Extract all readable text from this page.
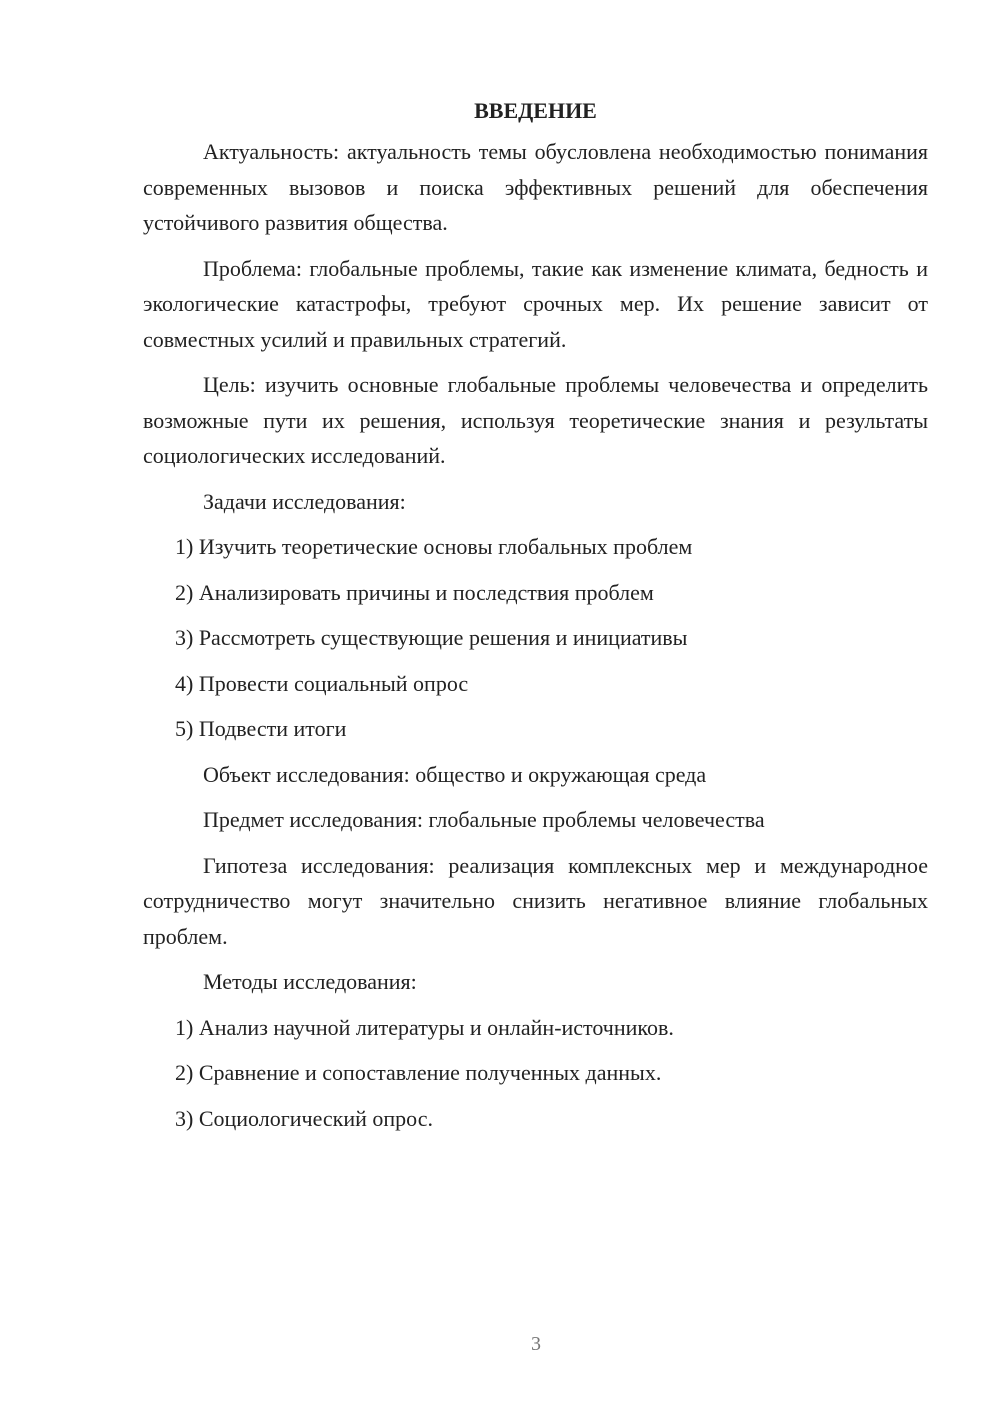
ВВЕДЕНИЕ

Актуальность: актуальность темы обусловлена необходимостью понимания современных вызовов и поиска эффективных решений для обеспечения устойчивого развития общества.

Проблема: глобальные проблемы, такие как изменение климата, бедность и экологические катастрофы, требуют срочных мер. Их решение зависит от совместных усилий и правильных стратегий.

Цель: изучить основные глобальные проблемы человечества и определить возможные пути их решения, используя теоретические знания и результаты социологических исследований.

Задачи исследования:

1) Изучить теоретические основы глобальных проблем

2) Анализировать причины и последствия проблем

3) Рассмотреть существующие решения и инициативы

4) Провести социальный опрос

5) Подвести итоги

Объект исследования: общество и окружающая среда

Предмет исследования: глобальные проблемы человечества

Гипотеза исследования: реализация комплексных мер и международное сотрудничество могут значительно снизить негативное влияние глобальных проблем.

Методы исследования:

1) Анализ научной литературы и онлайн-источников.

2) Сравнение и сопоставление полученных данных.

3) Социологический опрос.

3
